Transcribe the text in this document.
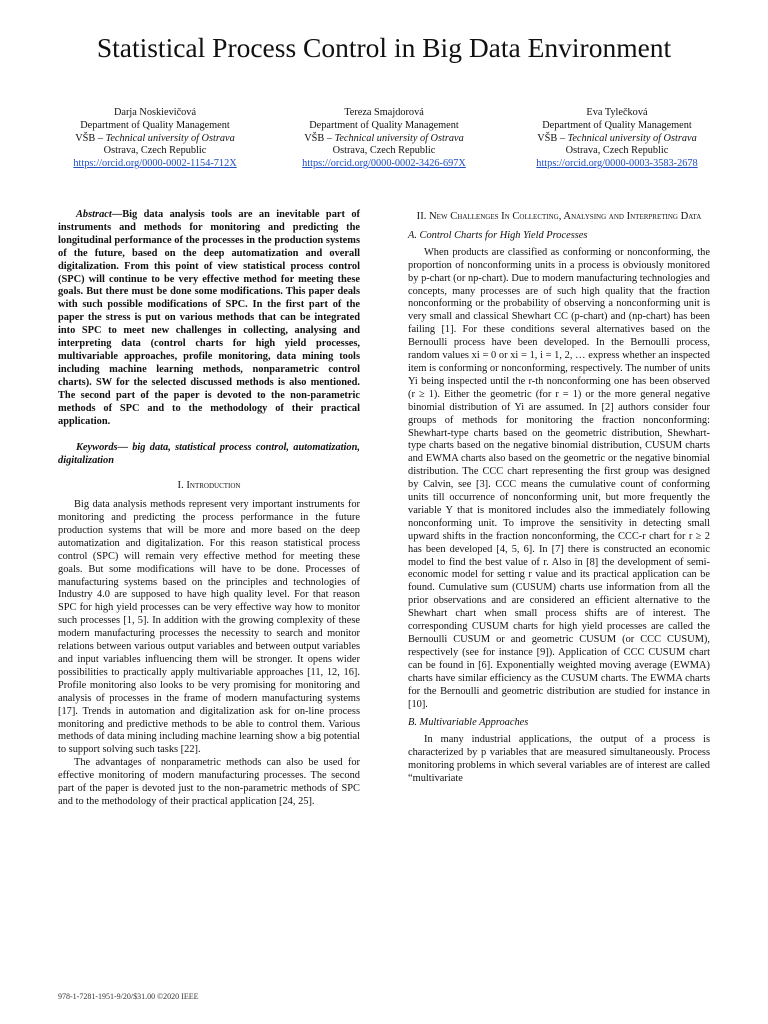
Statistical Process Control in Big Data Environment
Darja Noskievičová
Department of Quality Management
VŠB – Technical university of Ostrava
Ostrava, Czech Republic
https://orcid.org/0000-0002-1154-712X
Tereza Smajdorová
Department of Quality Management
VŠB – Technical university of Ostrava
Ostrava, Czech Republic
https://orcid.org/0000-0002-3426-697X
Eva Tylečková
Department of Quality Management
VŠB – Technical university of Ostrava
Ostrava, Czech Republic
https://orcid.org/0000-0003-3583-2678

Abstract—Big data analysis tools are an inevitable part of instruments and methods for monitoring and predicting the longitudinal performance of the processes in the production systems of the future, based on the deep automatization and overall digitalization. From this point of view statistical process control (SPC) will continue to be very effective method for meeting these goals. But there must be done some modifications. This paper deals with such possible modifications of SPC. In the first part of the paper the stress is put on various methods that can be integrated into SPC to meet new challenges in collecting, analysing and interpreting data (control charts for high yield processes, multivariable approaches, profile monitoring, data mining tools including machine learning methods, nonparametric control charts). SW for the selected discussed methods is also mentioned. The second part of the paper is devoted to the non-parametric methods of SPC and to the methodology of their practical application.

Keywords— big data, statistical process control, automatization, digitalization

I. Introduction

Big data analysis methods represent very important instruments for monitoring and predicting the process performance in the future production systems that will be more and more based on the deep automatization and digitalization. For this reason statistical process control (SPC) will remain very effective method for meeting these goals. But some modifications will have to be done. Processes of manufacturing systems based on the principles and technologies of Industry 4.0 are supposed to have high quality level. For that reason SPC for high yield processes can be very effective way how to monitor such processes [1, 5]. In addition with the growing complexity of these modern manufacturing processes the necessity to search and monitor relations between various output variables and between output variables and input variables influencing them will be stronger. It opens wider possibilities to practically apply multivariable approaches [11, 12, 16]. Profile monitoring also looks to be very promising for monitoring and analysis of processes in the frame of modern manufacturing systems [17]. Trends in automation and digitalization ask for on-line process monitoring and predictive methods to be able to control them. Various methods of data mining including machine learning show a big potential to support solving such tasks [22].

The advantages of nonparametric methods can also be used for effective monitoring of modern manufacturing processes. The second part of the paper is devoted just to the non-parametric methods of SPC and to the methodology of their practical application [24, 25].

II. New Challenges In Collecting, Analysing and Interpreting Data
A. Control Charts for High Yield Processes

When products are classified as conforming or nonconforming, the proportion of nonconforming units in a process is obviously monitored by p-chart (or np-chart). Due to modern manufacturing technologies and concepts, many processes are of such high quality that the fraction nonconforming or the probability of observing a nonconforming unit is very small and classical Shewhart CC (p-chart) and (np-chart) has been failing [1]. For these conditions several alternatives based on the Bernoulli process have been developed. In the Bernoulli process, random values xi = 0 or xi = 1, i = 1, 2, … express whether an inspected item is conforming or nonconforming, respectively. The number of units Yi being inspected until the r-th nonconforming one has been observed (r ≥ 1). Either the geometric (for r = 1) or the more general negative binomial distribution of Yi are assumed. In [2] authors consider four groups of methods for monitoring the fraction nonconforming: Shewhart-type charts based on the geometric distribution, Shewhart-type charts based on the negative binomial distribution, CUSUM charts and EWMA charts also based on the geometric or the negative binomial distribution. The CCC chart representing the first group was designed by Calvin, see [3]. CCC means the cumulative count of conforming units till occurrence of nonconforming unit, but more frequently the variable Y that is monitored includes also the immediately following nonconforming unit. To improve the sensitivity in detecting small upward shifts in the fraction nonconforming, the CCC-r chart for r ≥ 2 has been developed [4, 5, 6]. In [7] there is constructed an economic model to find the best value of r. Also in [8] the development of semi-economic model for setting r value and its practical application can be found. Cumulative sum (CUSUM) charts use information from all the prior observations and are considered an efficient alternative to the Shewhart chart when small process shifts are of interest. The corresponding CUSUM charts for high yield processes are called the Bernoulli CUSUM or and geometric CUSUM (or CCC CUSUM), respectively (see for instance [9]). Application of CCC CUSUM chart can be found in [6]. Exponentially weighted moving average (EWMA) charts have similar efficiency as the CUSUM charts. The EWMA charts for the Bernoulli and geometric distribution are studied for instance in [10].

B. Multivariable Approaches

In many industrial applications, the output of a process is characterized by p variables that are measured simultaneously. Process monitoring problems in which several variables are of interest are called “multivariate

978-1-7281-1951-9/20/$31.00 ©2020 IEEE
